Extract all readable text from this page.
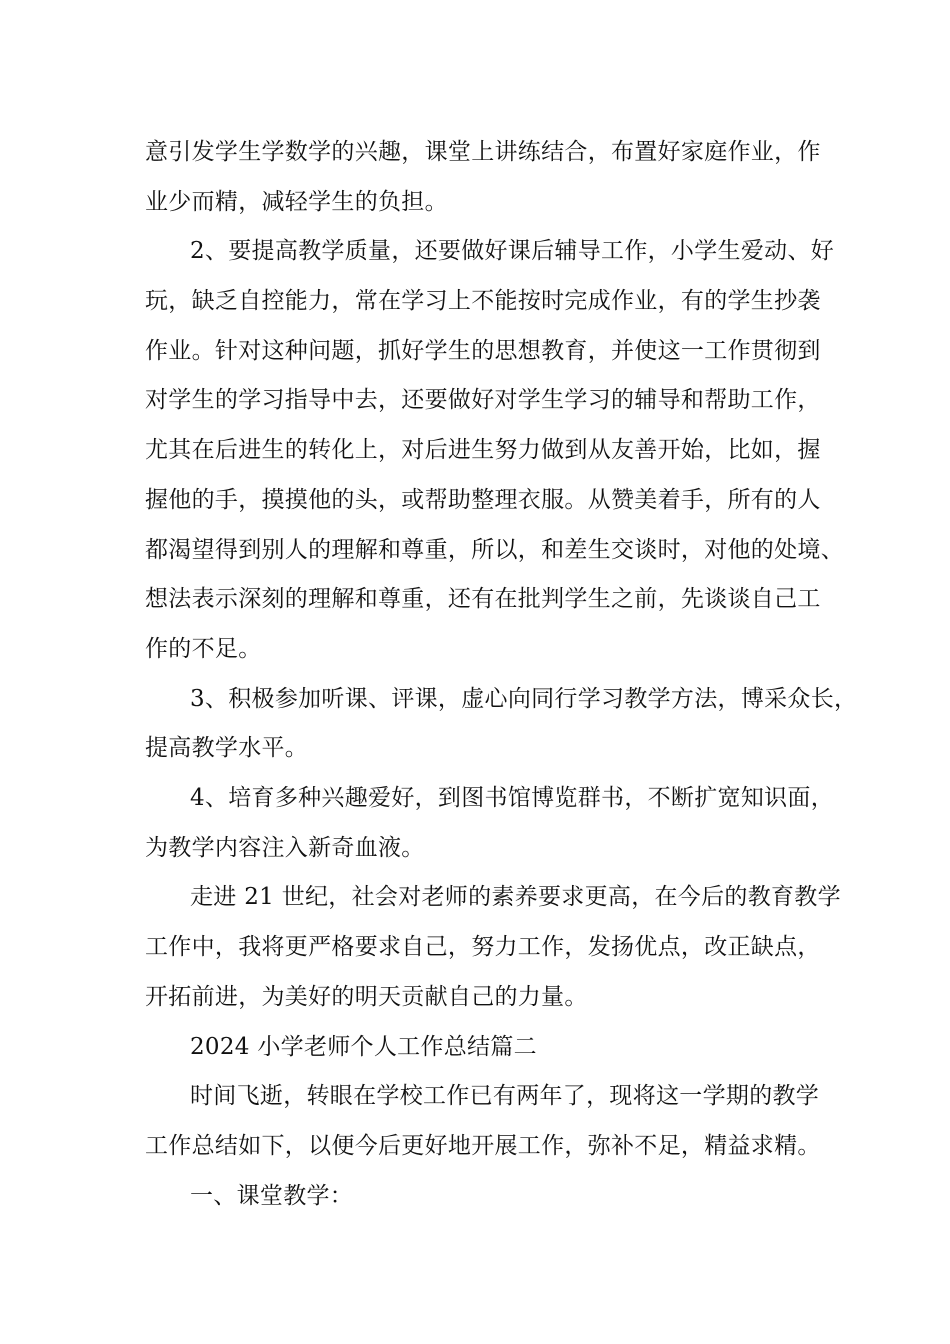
意引发学生学数学的兴趣，课堂上讲练结合，布置好家庭作业，作
业少而精，减轻学生的负担。
2、要提高教学质量，还要做好课后辅导工作，小学生爱动、好
玩，缺乏自控能力，常在学习上不能按时完成作业，有的学生抄袭
作业。针对这种问题，抓好学生的思想教育，并使这一工作贯彻到
对学生的学习指导中去，还要做好对学生学习的辅导和帮助工作，
尤其在后进生的转化上，对后进生努力做到从友善开始，比如，握
握他的手，摸摸他的头，或帮助整理衣服。从赞美着手，所有的人
都渴望得到别人的理解和尊重，所以，和差生交谈时，对他的处境、
想法表示深刻的理解和尊重，还有在批判学生之前，先谈谈自己工
作的不足。
3、积极参加听课、评课，虚心向同行学习教学方法，博采众长，
提高教学水平。
4、培育多种兴趣爱好，到图书馆博览群书，不断扩宽知识面，
为教学内容注入新奇血液。
走进 21 世纪，社会对老师的素养要求更高，在今后的教育教学
工作中，我将更严格要求自己，努力工作，发扬优点，改正缺点，
开拓前进，为美好的明天贡献自己的力量。
2024 小学老师个人工作总结篇二
时间飞逝，转眼在学校工作已有两年了，现将这一学期的教学
工作总结如下，以便今后更好地开展工作，弥补不足，精益求精。
一、课堂教学：
